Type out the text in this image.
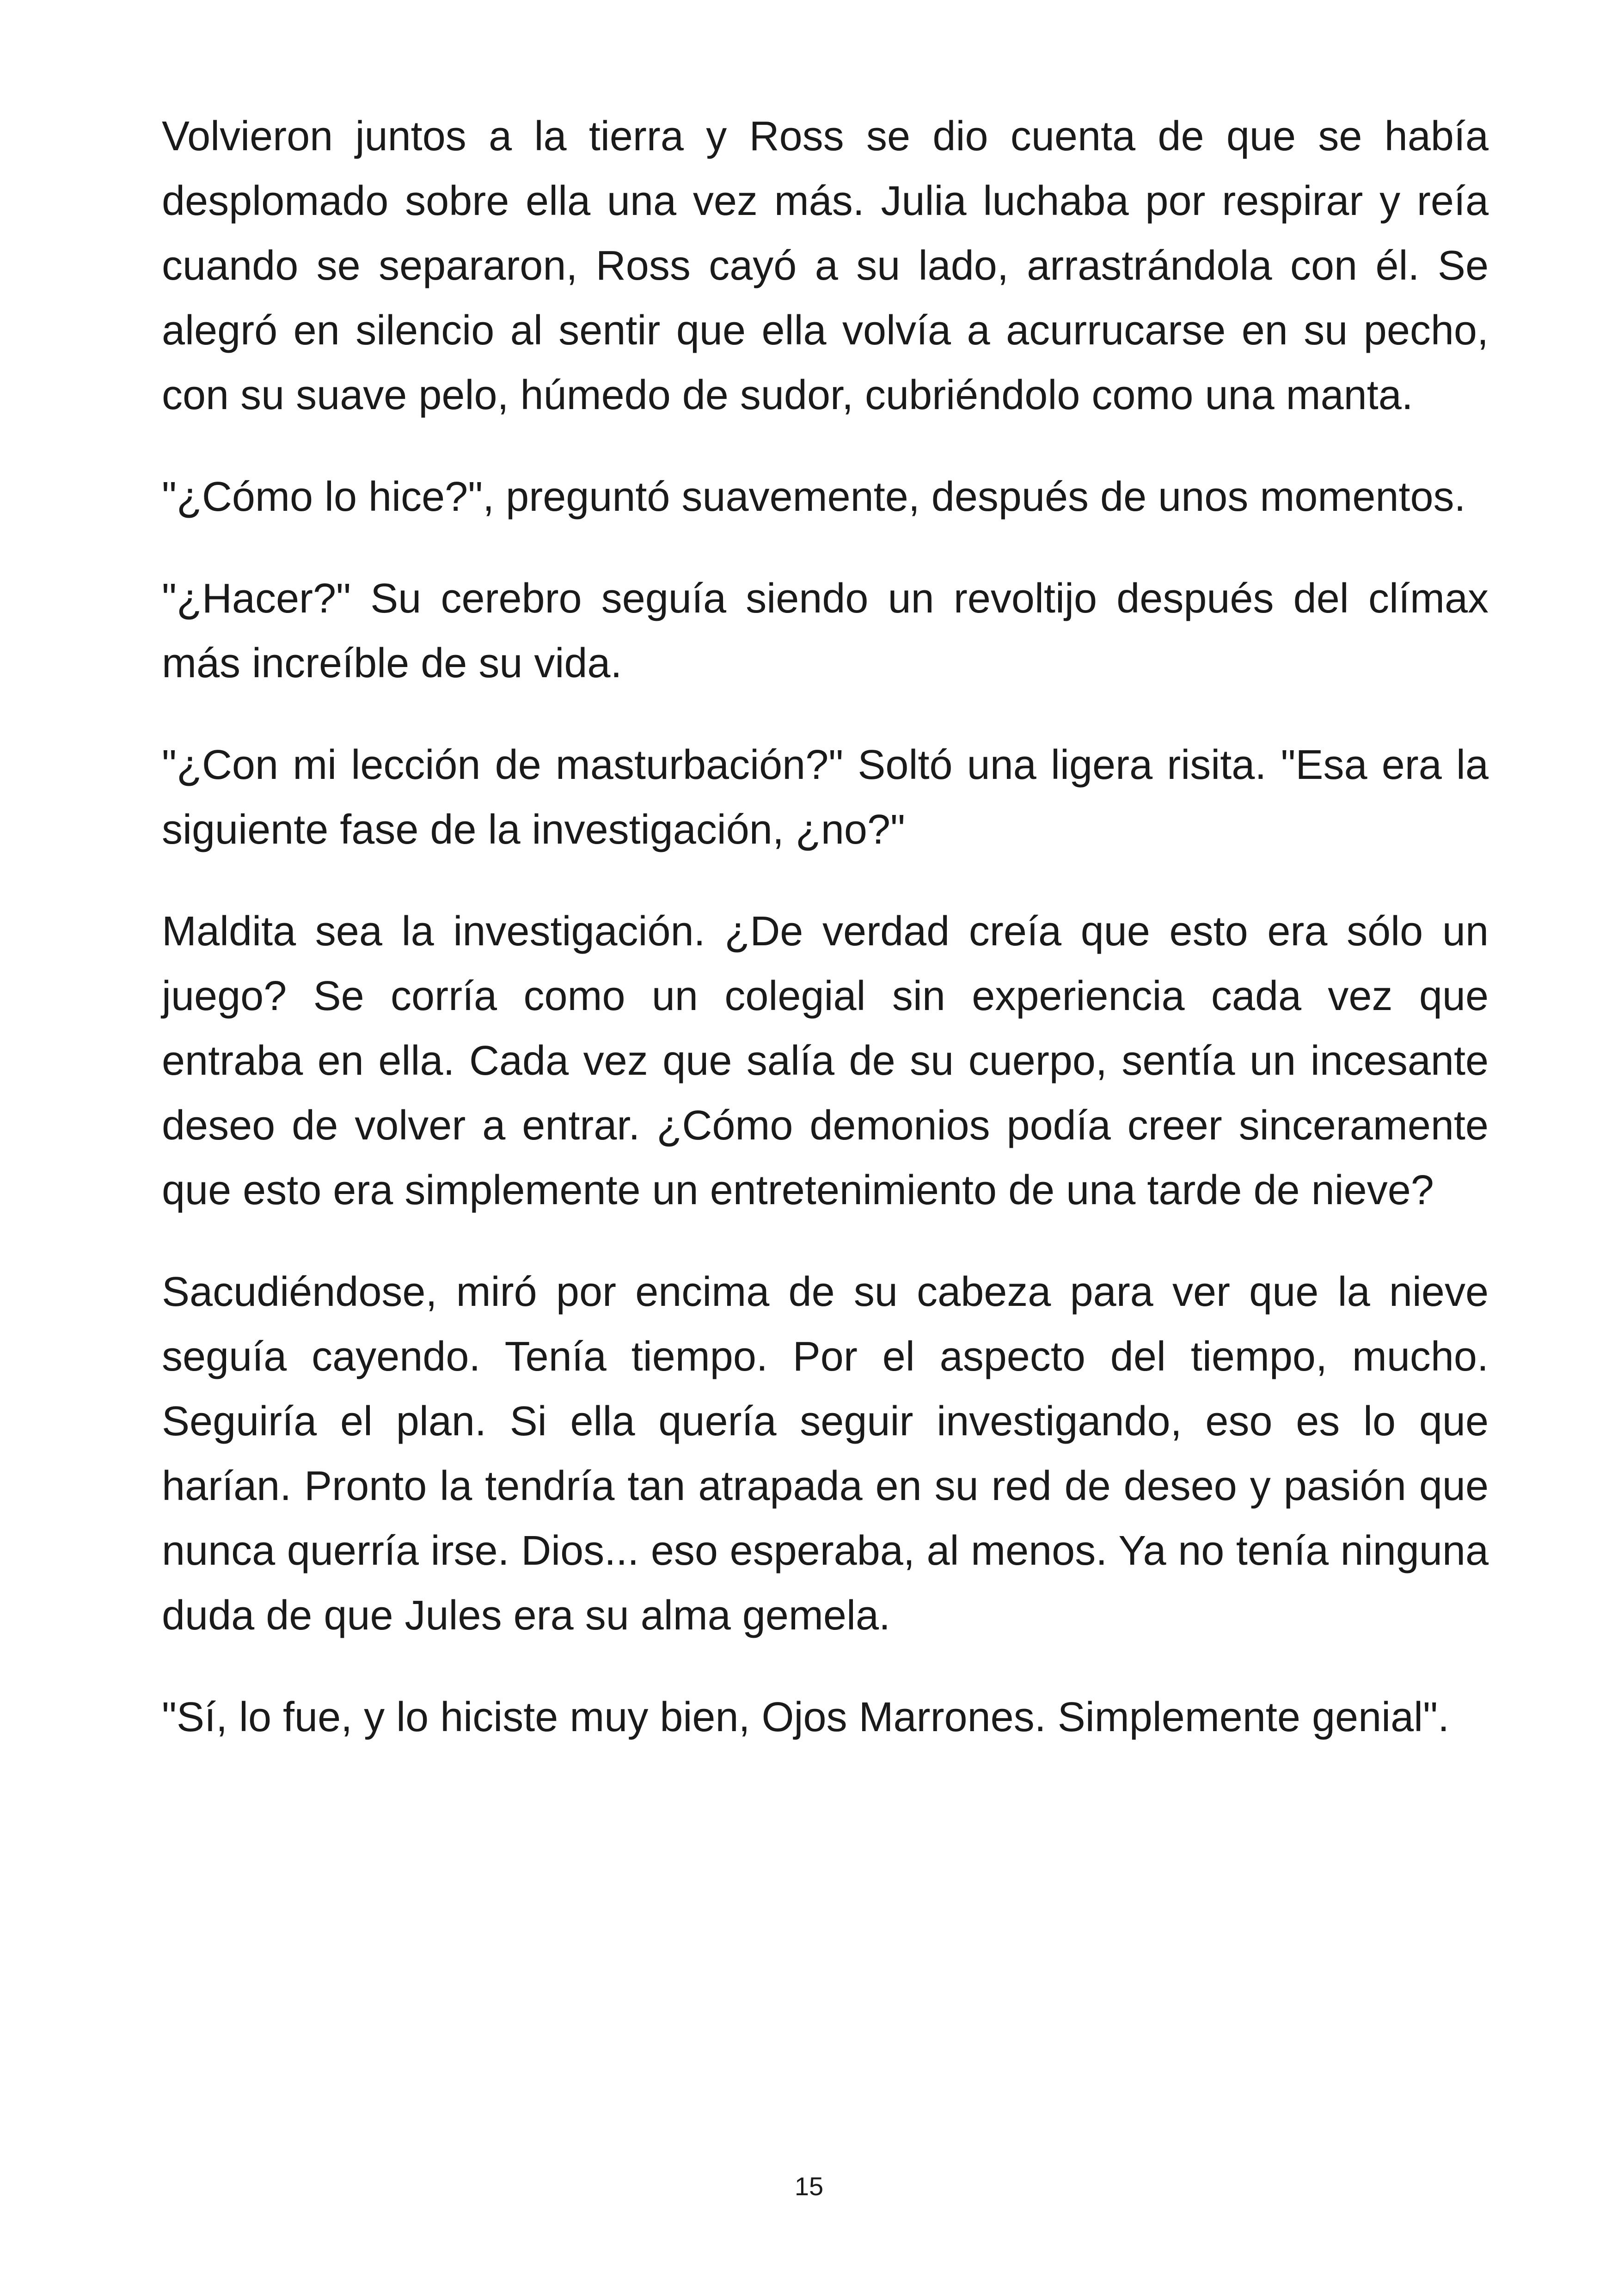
Volvieron juntos a la tierra y Ross se dio cuenta de que se había desplomado sobre ella una vez más. Julia luchaba por respirar y reía cuando se separaron, Ross cayó a su lado, arrastrándola con él. Se alegró en silencio al sentir que ella volvía a acurrucarse en su pecho, con su suave pelo, húmedo de sudor, cubriéndolo como una manta.

"¿Cómo lo hice?", preguntó suavemente, después de unos momentos.

"¿Hacer?" Su cerebro seguía siendo un revoltijo después del clímax más increíble de su vida.

"¿Con mi lección de masturbación?" Soltó una ligera risita. "Esa era la siguiente fase de la investigación, ¿no?"

Maldita sea la investigación. ¿De verdad creía que esto era sólo un juego? Se corría como un colegial sin experiencia cada vez que entraba en ella. Cada vez que salía de su cuerpo, sentía un incesante deseo de volver a entrar. ¿Cómo demonios podía creer sinceramente que esto era simplemente un entretenimiento de una tarde de nieve?

Sacudiéndose, miró por encima de su cabeza para ver que la nieve seguía cayendo. Tenía tiempo. Por el aspecto del tiempo, mucho. Seguiría el plan. Si ella quería seguir investigando, eso es lo que harían. Pronto la tendría tan atrapada en su red de deseo y pasión que nunca querría irse. Dios... eso esperaba, al menos. Ya no tenía ninguna duda de que Jules era su alma gemela.

"Sí, lo fue, y lo hiciste muy bien, Ojos Marrones. Simplemente genial".

15
